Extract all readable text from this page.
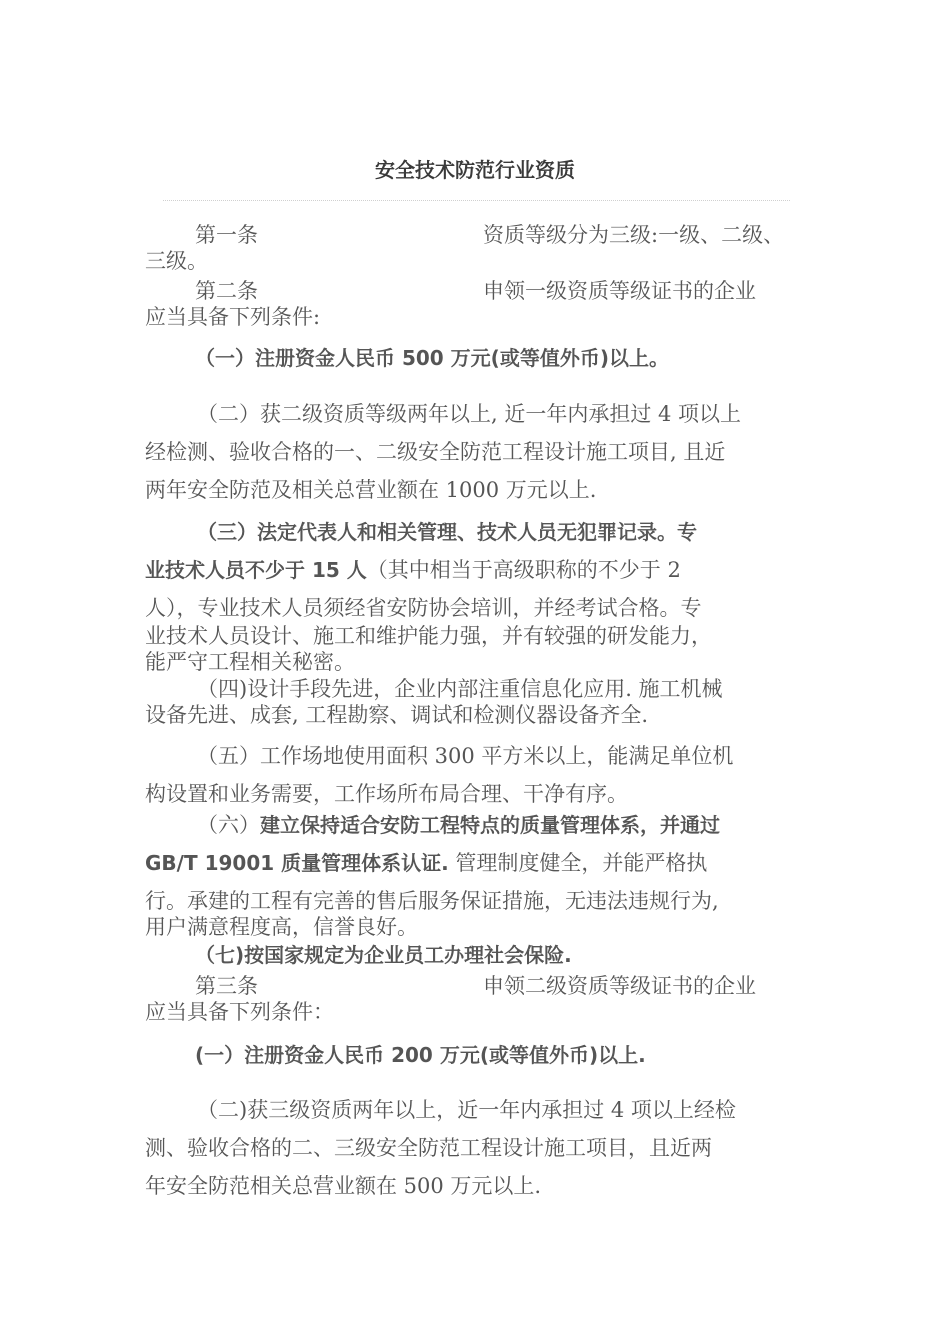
安全技术防范行业资质
第一条	资质等级分为三级:一级、二级、
三级。
第二条	申领一级资质等级证书的企业
应当具备下列条件:
（一）注册资金人民币 500 万元(或等值外币)以上。
（二）获二级资质等级两年以上, 近一年内承担过 4 项以上
经检测、验收合格的一、二级安全防范工程设计施工项目, 且近
两年安全防范及相关总营业额在 1000 万元以上.
（三）法定代表人和相关管理、技术人员无犯罪记录。专
业技术人员不少于 15 人（其中相当于高级职称的不少于 2
人），专业技术人员须经省安防协会培训，并经考试合格。专
业技术人员设计、施工和维护能力强，并有较强的研发能力，
能严守工程相关秘密。
（四)设计手段先进，企业内部注重信息化应用. 施工机械
设备先进、成套, 工程勘察、调试和检测仪器设备齐全.
（五）工作场地使用面积 300 平方米以上，能满足单位机
构设置和业务需要，工作场所布局合理、干净有序。
（六）建立保持适合安防工程特点的质量管理体系，并通过
GB/T 19001 质量管理体系认证. 管理制度健全，并能严格执
行。承建的工程有完善的售后服务保证措施，无违法违规行为,
用户满意程度高，信誉良好。
（七)按国家规定为企业员工办理社会保险.
第三条	申领二级资质等级证书的企业
应当具备下列条件：
(一）注册资金人民币 200 万元(或等值外币)以上.
（二)获三级资质两年以上，近一年内承担过 4 项以上经检
测、验收合格的二、三级安全防范工程设计施工项目，且近两
年安全防范相关总营业额在 500 万元以上.
